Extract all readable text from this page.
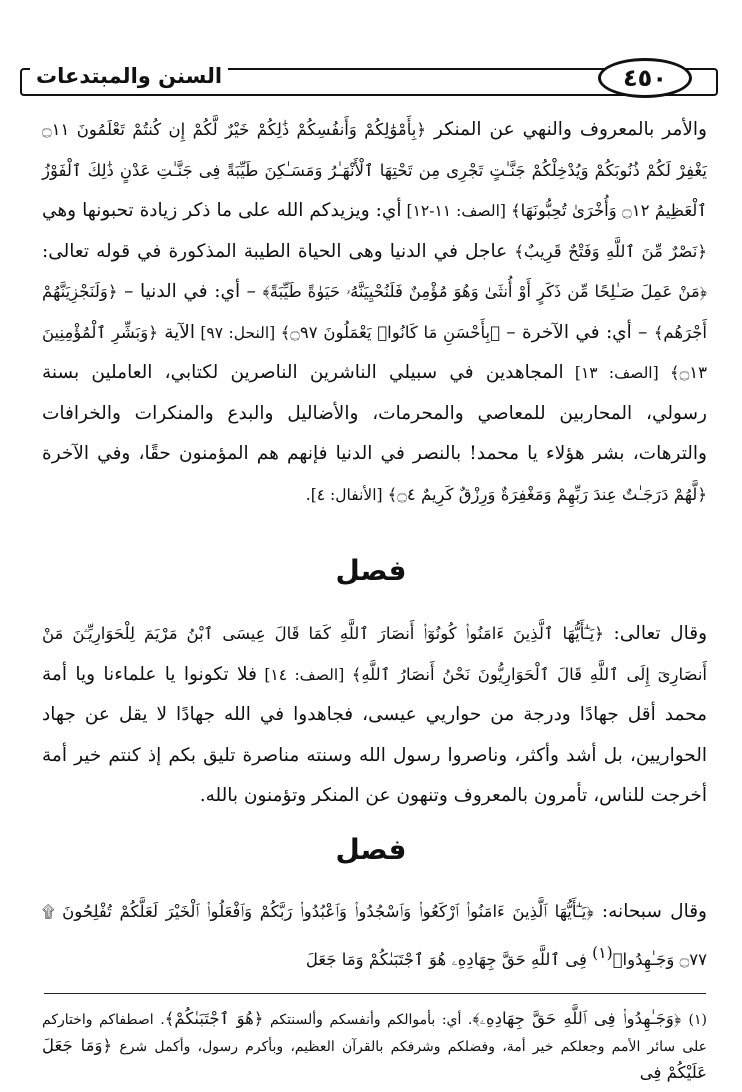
السنن والمبتدعات	٤٥٠
والأمر بالمعروف والنهي عن المنكر ﴿بِأَمْوَٰلِكُمْ وَأَنفُسِكُمْ ذَٰلِكُمْ خَيْرٌ لَّكُمْ إِن كُنتُمْ تَعْلَمُونَ ۝١١ يَغْفِرْ لَكُمْ ذُنُوبَكُمْ وَيُدْخِلْكُمْ جَنَّـٰتٍ تَجْرِى مِن تَحْتِهَا ٱلْأَنْهَـٰرُ وَمَسَـٰكِنَ طَيِّبَةً فِى جَنَّـٰتِ عَدْنٍ ذَٰلِكَ ٱلْفَوْزُ ٱلْعَظِيمُ ۝١٢ وَأُخْرَىٰ تُحِبُّونَهَا﴾ [الصف: ١١-١٢] أي: ويزيدكم الله على ما ذكر زيادة تحبونها وهي ﴿نَصْرٌ مِّنَ ٱللَّهِ وَفَتْحٌ قَرِيبٌ﴾ عاجل في الدنيا وهى الحياة الطيبة المذكورة في قوله تعالى: ﴿مَنْ عَمِلَ صَـٰلِحًا مِّن ذَكَرٍ أَوْ أُنثَىٰ وَهُوَ مُؤْمِنٌ فَلَنُحْيِيَنَّهُۥ حَيَوٰةً طَيِّبَةً﴾ – أي: في الدنيا – ﴿وَلَنَجْزِيَنَّهُمْ أَجْرَهُم﴾ – أي: في الآخرة – ﴿بِأَحْسَنِ مَا كَانُوا۟ يَعْمَلُونَ ۝٩٧﴾ [النحل: ٩٧] الآية ﴿وَبَشِّرِ ٱلْمُؤْمِنِينَ ۝١٣﴾ [الصف: ١٣] المجاهدين في سبيلي الناشرين الناصرين لكتابي، العاملين بسنة رسولي، المحاربين للمعاصي والمحرمات، والأضاليل والبدع والمنكرات والخرافات والترهات، بشر هؤلاء يا محمد! بالنصر في الدنيا فإنهم هم المؤمنون حقًا، وفي الآخرة ﴿لَّهُمْ دَرَجَـٰتٌ عِندَ رَبِّهِمْ وَمَغْفِرَةٌ وَرِزْقٌ كَرِيمٌ ۝٤﴾ [الأنفال: ٤].
فصل
وقال تعالى: ﴿يَـٰٓأَيُّهَا ٱلَّذِينَ ءَامَنُوا۟ كُونُوٓا۟ أَنصَارَ ٱللَّهِ كَمَا قَالَ عِيسَى ٱبْنُ مَرْيَمَ لِلْحَوَارِيِّـۧنَ مَنْ أَنصَارِىٓ إِلَى ٱللَّهِ قَالَ ٱلْحَوَارِيُّونَ نَحْنُ أَنصَارُ ٱللَّهِ﴾ [الصف: ١٤] فلا تكونوا يا علماءنا ويا أمة محمد أقل جهادًا ودرجة من حواريي عيسى، فجاهدوا في الله جهادًا لا يقل عن جهاد الحواريين، بل أشد وأكثر، وناصروا رسول الله وسنته مناصرة تليق بكم إذ كنتم خير أمة أخرجت للناس، تأمرون بالمعروف وتنهون عن المنكر وتؤمنون بالله.
فصل
وقال سبحانه: ﴿يَـٰٓأَيُّهَا ٱلَّذِينَ ءَامَنُوا۟ ٱرْكَعُوا۟ وَٱسْجُدُوا۟ وَٱعْبُدُوا۟ رَبَّكُمْ وَٱفْعَلُوا۟ ٱلْخَيْرَ لَعَلَّكُمْ تُفْلِحُونَ ۩ ۝٧٧ وَجَـٰهِدُوا۟$^{(١)}$ فِى ٱللَّهِ حَقَّ جِهَادِهِۦ هُوَ ٱجْتَبَىٰكُمْ وَمَا جَعَلَ
(١) ﴿وَجَـٰهِدُوا۟ فِى ٱللَّهِ حَقَّ جِهَادِهِۦ﴾. أي: بأموالكم وأنفسكم وألسنتكم ﴿هُوَ ٱجْتَبَىٰكُمْ﴾. اصطفاكم واختاركم على سائر الأمم وجعلكم خير أمة، وفضلكم وشرفكم بالقرآن العظيم، وبأكرم رسول، وأكمل شرع ﴿وَمَا جَعَلَ عَلَيْكُمْ فِى
